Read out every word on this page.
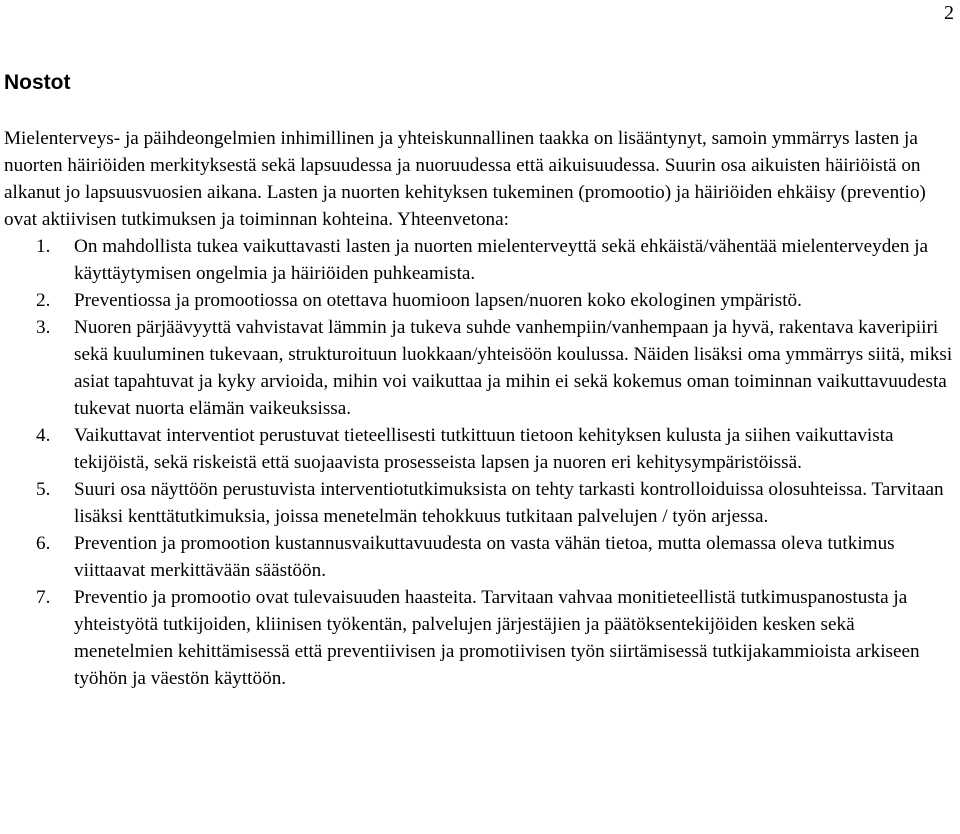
2
Nostot

Mielenterveys- ja päihdeongelmien inhimillinen ja yhteiskunnallinen taakka on lisääntynyt, samoin ymmärrys lasten ja nuorten häiriöiden merkityksestä sekä lapsuudessa ja nuoruudessa että aikuisuudessa. Suurin osa aikuisten häiriöistä on alkanut jo lapsuusvuosien aikana. Lasten ja nuorten kehityksen tukeminen (promootio) ja häiriöiden ehkäisy (preventio) ovat aktiivisen tutkimuksen ja toiminnan kohteina. Yhteenvetona:

1. On mahdollista tukea vaikuttavasti lasten ja nuorten mielenterveyttä sekä ehkäistä/vähentää mielenterveyden ja käyttäytymisen ongelmia ja häiriöiden puhkeamista.
2. Preventiossa ja promootiossa on otettava huomioon lapsen/nuoren koko ekologinen ympäristö.
3. Nuoren pärjäävyyttä vahvistavat lämmin ja tukeva suhde vanhempiin/vanhempaan ja hyvä, rakentava kaveripiiri sekä kuuluminen tukevaan, strukturoituun luokkaan/yhteisöön koulussa. Näiden lisäksi oma ymmärrys siitä, miksi asiat tapahtuvat ja kyky arvioida, mihin voi vaikuttaa ja mihin ei sekä kokemus oman toiminnan vaikuttavuudesta tukevat nuorta elämän vaikeuksissa.
4. Vaikuttavat interventiot perustuvat tieteellisesti tutkittuun tietoon kehityksen kulusta ja siihen vaikuttavista tekijöistä, sekä riskeistä että suojaavista prosesseista lapsen ja nuoren eri kehitysympäristöissä.
5. Suuri osa näyttöön perustuvista interventiotutkimuksista on tehty tarkasti kontrolloiduissa olosuhteissa. Tarvitaan lisäksi kenttätutkimuksia, joissa menetelmän tehokkuus tutkitaan palvelujen / työn arjessa.
6. Prevention ja promootion kustannusvaikuttavuudesta on vasta vähän tietoa, mutta olemassa oleva tutkimus viittaavat merkittävään säästöön.
7. Preventio ja promootio ovat tulevaisuuden haasteita. Tarvitaan vahvaa monitieteellistä tutkimuspanostusta ja yhteistyötä tutkijoiden, kliinisen työkentän, palvelujen järjestäjien ja päätöksentekijöiden kesken sekä menetelmien kehittämisessä että preventiivisen ja promotiivisen työn siirtämisessä tutkijakammioista arkiseen työhön ja väestön käyttöön.
